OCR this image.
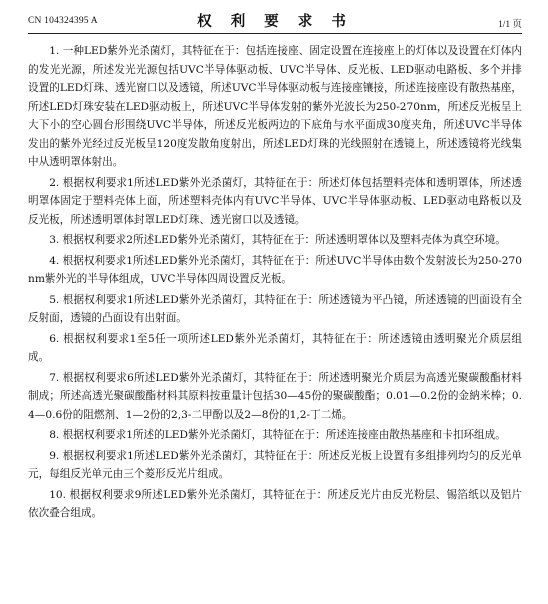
CN 104324395 A	权 利 要 求 书	1/1 页

1. 一种LED紫外光杀菌灯，其特征在于：包括连接座、固定设置在连接座上的灯体以及设置在灯体内的发光光源，所述发光光源包括UVC半导体驱动板、UVC半导体、反光板、LED驱动电路板、多个并排设置的LED灯珠、透光窗口以及透镜，所述UVC半导体驱动板与连接座镶接，所述连接座设有散热基座，所述LED灯珠安装在LED驱动板上，所述UVC半导体发射的紫外光波长为250-270nm，所述反光板呈上大下小的空心圆台形围绕UVC半导体，所述反光板两边的下底角与水平面成30度夹角，所述UVC半导体发出的紫外光经过反光板呈120度发散角度射出，所述LED灯珠的光线照射在透镜上，所述透镜将光线集中从透明罩体射出。

2. 根据权利要求1所述LED紫外光杀菌灯，其特征在于：所述灯体包括塑料壳体和透明罩体，所述透明罩体固定于塑料壳体上面，所述塑料壳体内有UVC半导体、UVC半导体驱动板、LED驱动电路板以及反光板，所述透明罩体封罩LED灯珠、透光窗口以及透镜。

3. 根据权利要求2所述LED紫外光杀菌灯，其特征在于：所述透明罩体以及塑料壳体为真空环境。

4. 根据权利要求1所述LED紫外光杀菌灯，其特征在于：所述UVC半导体由数个发射波长为250-270nm紫外光的半导体组成，UVC半导体四周设置反光板。

5. 根据权利要求1所述LED紫外光杀菌灯，其特征在于：所述透镜为平凸镜，所述透镜的凹面设有全反射面，透镜的凸面设有出射面。

6. 根据权利要求1至5任一项所述LED紫外光杀菌灯，其特征在于：所述透镜由透明聚光介质层组成。

7. 根据权利要求6所述LED紫外光杀菌灯，其特征在于：所述透明聚光介质层为高透光聚碳酸酯材料制成；所述高透光聚碳酸酯材料其原料按重量计包括30—45份的聚碳酸酯；0.01—0.2份的金納米棒；0.4—0.6份的阻燃剂、1—2份的2,3-二甲酚以及2—8份的1,2-丁二烯。

8. 根据权利要求1所述的LED紫外光杀菌灯，其特征在于：所述连接座由散热基座和卡扣环组成。

9. 根据权利要求1所述LED紫外光杀菌灯，其特征在于：所述反光板上设置有多组排列均匀的反光单元，每组反光单元由三个菱形反光片组成。

10. 根据权利要求9所述LED紫外光杀菌灯，其特征在于：所述反光片由反光粉层、锡箔纸以及铝片依次叠合组成。
